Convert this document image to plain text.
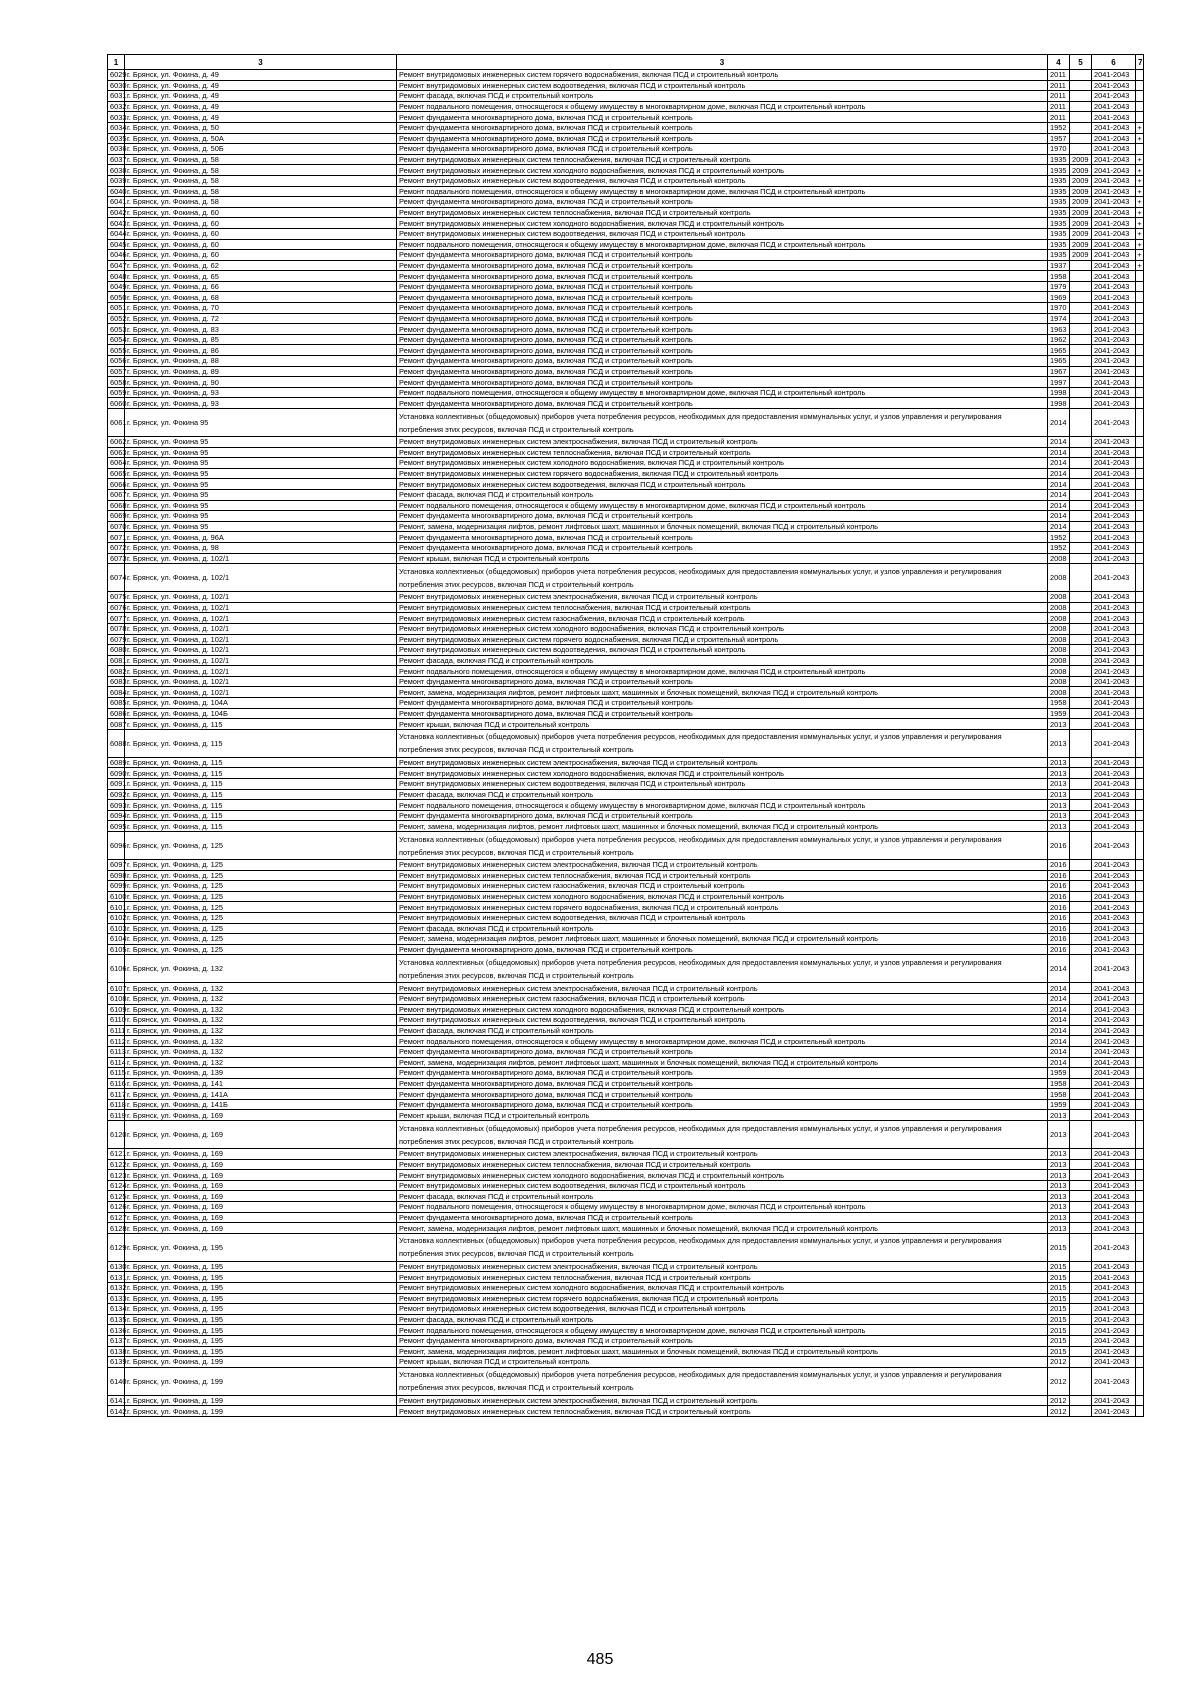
1	3	3	4	5	6	7
6029	г. Брянск, ул. Фокина, д. 49	Ремонт внутридомовых инженерных систем горячего водоснабжения, включая ПСД и строительный контроль	2011		2041-2043	
6030	г. Брянск, ул. Фокина, д. 49	Ремонт внутридомовых инженерных систем водоотведения, включая ПСД и строительный контроль	2011		2041-2043	
6031	г. Брянск, ул. Фокина, д. 49	Ремонт фасада, включая ПСД и строительный контроль	2011		2041-2043	
6032	г. Брянск, ул. Фокина, д. 49	Ремонт подвального помещения, относящегося к общему имуществу в многоквартирном доме, включая ПСД и строительный контроль	2011		2041-2043	
6033	г. Брянск, ул. Фокина, д. 49	Ремонт фундамента многоквартирного дома, включая ПСД и строительный контроль	2011		2041-2043	
6034	г. Брянск, ул. Фокина, д. 50	Ремонт фундамента многоквартирного дома, включая ПСД и строительный контроль	1952		2041-2043	+
6035	г. Брянск, ул. Фокина, д. 50А	Ремонт фундамента многоквартирного дома, включая ПСД и строительный контроль	1957		2041-2043	+
6036	г. Брянск, ул. Фокина, д. 50Б	Ремонт фундамента многоквартирного дома, включая ПСД и строительный контроль	1970		2041-2043	
6037	г. Брянск, ул. Фокина, д. 58	Ремонт внутридомовых инженерных систем теплоснабжения, включая ПСД и строительный контроль	1935	2009	2041-2043	+
6038	г. Брянск, ул. Фокина, д. 58	Ремонт внутридомовых инженерных систем холодного водоснабжения, включая ПСД и строительный контроль	1935	2009	2041-2043	+
6039	г. Брянск, ул. Фокина, д. 58	Ремонт внутридомовых инженерных систем водоотведения, включая ПСД и строительный контроль	1935	2009	2041-2043	+
6040	г. Брянск, ул. Фокина, д. 58	Ремонт подвального помещения, относящегося к общему имуществу в многоквартирном доме, включая ПСД и строительный контроль	1935	2009	2041-2043	+
6041	г. Брянск, ул. Фокина, д. 58	Ремонт фундамента многоквартирного дома, включая ПСД и строительный контроль	1935	2009	2041-2043	+
6042	г. Брянск, ул. Фокина, д. 60	Ремонт внутридомовых инженерных систем теплоснабжения, включая ПСД и строительный контроль	1935	2009	2041-2043	+
6043	г. Брянск, ул. Фокина, д. 60	Ремонт внутридомовых инженерных систем холодного водоснабжения, включая ПСД и строительный контроль	1935	2009	2041-2043	+
6044	г. Брянск, ул. Фокина, д. 60	Ремонт внутридомовых инженерных систем водоотведения, включая ПСД и строительный контроль	1935	2009	2041-2043	+
6045	г. Брянск, ул. Фокина, д. 60	Ремонт подвального помещения, относящегося к общему имуществу в многоквартирном доме, включая ПСД и строительный контроль	1935	2009	2041-2043	+
6046	г. Брянск, ул. Фокина, д. 60	Ремонт фундамента многоквартирного дома, включая ПСД и строительный контроль	1935	2009	2041-2043	+
6047	г. Брянск, ул. Фокина, д. 62	Ремонт фундамента многоквартирного дома, включая ПСД и строительный контроль	1937		2041-2043	+
6048	г. Брянск, ул. Фокина, д. 65	Ремонт фундамента многоквартирного дома, включая ПСД и строительный контроль	1958		2041-2043	
6049	г. Брянск, ул. Фокина, д. 66	Ремонт фундамента многоквартирного дома, включая ПСД и строительный контроль	1979		2041-2043	
6050	г. Брянск, ул. Фокина, д. 68	Ремонт фундамента многоквартирного дома, включая ПСД и строительный контроль	1969		2041-2043	
6051	г. Брянск, ул. Фокина, д. 70	Ремонт фундамента многоквартирного дома, включая ПСД и строительный контроль	1970		2041-2043	
6052	г. Брянск, ул. Фокина, д. 72	Ремонт фундамента многоквартирного дома, включая ПСД и строительный контроль	1974		2041-2043	
6053	г. Брянск, ул. Фокина, д. 83	Ремонт фундамента многоквартирного дома, включая ПСД и строительный контроль	1963		2041-2043	
6054	г. Брянск, ул. Фокина, д. 85	Ремонт фундамента многоквартирного дома, включая ПСД и строительный контроль	1962		2041-2043	
6055	г. Брянск, ул. Фокина, д. 86	Ремонт фундамента многоквартирного дома, включая ПСД и строительный контроль	1965		2041-2043	
6056	г. Брянск, ул. Фокина, д. 88	Ремонт фундамента многоквартирного дома, включая ПСД и строительный контроль	1965		2041-2043	
6057	г. Брянск, ул. Фокина, д. 89	Ремонт фундамента многоквартирного дома, включая ПСД и строительный контроль	1967		2041-2043	
6058	г. Брянск, ул. Фокина, д. 90	Ремонт фундамента многоквартирного дома, включая ПСД и строительный контроль	1997		2041-2043	
6059	г. Брянск, ул. Фокина, д. 93	Ремонт подвального помещения, относящегося к общему имуществу в многоквартирном доме, включая ПСД и строительный контроль	1998		2041-2043	
6060	г. Брянск, ул. Фокина, д. 93	Ремонт фундамента многоквартирного дома, включая ПСД и строительный контроль	1998		2041-2043	
6061	г. Брянск, ул. Фокина 95	Установка коллективных (общедомовых) приборов учета потребления ресурсов, необходимых для предоставления коммунальных услуг, и узлов управления и регулирования потребления этих ресурсов, включая ПСД и строительный контроль	2014		2041-2043	
6062	г. Брянск, ул. Фокина 95	Ремонт внутридомовых инженерных систем электроснабжения, включая ПСД и строительный контроль	2014		2041-2043	
6063	г. Брянск, ул. Фокина 95	Ремонт внутридомовых инженерных систем теплоснабжения, включая ПСД и строительный контроль	2014		2041-2043	
6064	г. Брянск, ул. Фокина 95	Ремонт внутридомовых инженерных систем холодного водоснабжения, включая ПСД и строительный контроль	2014		2041-2043	
6065	г. Брянск, ул. Фокина 95	Ремонт внутридомовых инженерных систем горячего водоснабжения, включая ПСД и строительный контроль	2014		2041-2043	
6066	г. Брянск, ул. Фокина 95	Ремонт внутридомовых инженерных систем водоотведения, включая ПСД и строительный контроль	2014		2041-2043	
6067	г. Брянск, ул. Фокина 95	Ремонт фасада, включая ПСД и строительный контроль	2014		2041-2043	
6068	г. Брянск, ул. Фокина 95	Ремонт подвального помещения, относящегося к общему имуществу в многоквартирном доме, включая ПСД и строительный контроль	2014		2041-2043	
6069	г. Брянск, ул. Фокина 95	Ремонт фундамента многоквартирного дома, включая ПСД и строительный контроль	2014		2041-2043	
6070	г. Брянск, ул. Фокина 95	Ремонт, замена, модернизация лифтов, ремонт лифтовых шахт, машинных и блочных помещений, включая ПСД и строительный контроль	2014		2041-2043	
6071	г. Брянск, ул. Фокина, д. 96А	Ремонт фундамента многоквартирного дома, включая ПСД и строительный контроль	1952		2041-2043	
6072	г. Брянск, ул. Фокина, д. 98	Ремонт фундамента многоквартирного дома, включая ПСД и строительный контроль	1952		2041-2043	
6073	г. Брянск, ул. Фокина, д. 102/1	Ремонт крыши, включая ПСД и строительный контроль	2008		2041-2043	
6074	г. Брянск, ул. Фокина, д. 102/1	Установка коллективных (общедомовых) приборов учета потребления ресурсов, необходимых для предоставления коммунальных услуг, и узлов управления и регулирования потребления этих ресурсов, включая ПСД и строительный контроль	2008		2041-2043	
6075	г. Брянск, ул. Фокина, д. 102/1	Ремонт внутридомовых инженерных систем электроснабжения, включая ПСД и строительный контроль	2008		2041-2043	
6076	г. Брянск, ул. Фокина, д. 102/1	Ремонт внутридомовых инженерных систем теплоснабжения, включая ПСД и строительный контроль	2008		2041-2043	
6077	г. Брянск, ул. Фокина, д. 102/1	Ремонт внутридомовых инженерных систем газоснабжения, включая ПСД и строительный контроль	2008		2041-2043	
6078	г. Брянск, ул. Фокина, д. 102/1	Ремонт внутридомовых инженерных систем холодного водоснабжения, включая ПСД и строительный контроль	2008		2041-2043	
6079	г. Брянск, ул. Фокина, д. 102/1	Ремонт внутридомовых инженерных систем горячего водоснабжения, включая ПСД и строительный контроль	2008		2041-2043	
6080	г. Брянск, ул. Фокина, д. 102/1	Ремонт внутридомовых инженерных систем водоотведения, включая ПСД и строительный контроль	2008		2041-2043	
6081	г. Брянск, ул. Фокина, д. 102/1	Ремонт фасада, включая ПСД и строительный контроль	2008		2041-2043	
6082	г. Брянск, ул. Фокина, д. 102/1	Ремонт подвального помещения, относящегося к общему имуществу в многоквартирном доме, включая ПСД и строительный контроль	2008		2041-2043	
6083	г. Брянск, ул. Фокина, д. 102/1	Ремонт фундамента многоквартирного дома, включая ПСД и строительный контроль	2008		2041-2043	
6084	г. Брянск, ул. Фокина, д. 102/1	Ремонт, замена, модернизация лифтов, ремонт лифтовых шахт, машинных и блочных помещений, включая ПСД и строительный контроль	2008		2041-2043	
6085	г. Брянск, ул. Фокина, д. 104А	Ремонт фундамента многоквартирного дома, включая ПСД и строительный контроль	1958		2041-2043	
6086	г. Брянск, ул. Фокина, д. 104Б	Ремонт фундамента многоквартирного дома, включая ПСД и строительный контроль	1959		2041-2043	
6087	г. Брянск, ул. Фокина, д. 115	Ремонт крыши, включая ПСД и строительный контроль	2013		2041-2043	
6088	г. Брянск, ул. Фокина, д. 115	Установка коллективных (общедомовых) приборов учета потребления ресурсов, необходимых для предоставления коммунальных услуг, и узлов управления и регулирования потребления этих ресурсов, включая ПСД и строительный контроль	2013		2041-2043	
6089	г. Брянск, ул. Фокина, д. 115	Ремонт внутридомовых инженерных систем электроснабжения, включая ПСД и строительный контроль	2013		2041-2043	
6090	г. Брянск, ул. Фокина, д. 115	Ремонт внутридомовых инженерных систем холодного водоснабжения, включая ПСД и строительный контроль	2013		2041-2043	
6091	г. Брянск, ул. Фокина, д. 115	Ремонт внутридомовых инженерных систем водоотведения, включая ПСД и строительный контроль	2013		2041-2043	
6092	г. Брянск, ул. Фокина, д. 115	Ремонт фасада, включая ПСД и строительный контроль	2013		2041-2043	
6093	г. Брянск, ул. Фокина, д. 115	Ремонт подвального помещения, относящегося к общему имуществу в многоквартирном доме, включая ПСД и строительный контроль	2013		2041-2043	
6094	г. Брянск, ул. Фокина, д. 115	Ремонт фундамента многоквартирного дома, включая ПСД и строительный контроль	2013		2041-2043	
6095	г. Брянск, ул. Фокина, д. 115	Ремонт, замена, модернизация лифтов, ремонт лифтовых шахт, машинных и блочных помещений, включая ПСД и строительный контроль	2013		2041-2043	
6096	г. Брянск, ул. Фокина, д. 125	Установка коллективных (общедомовых) приборов учета потребления ресурсов, необходимых для предоставления коммунальных услуг, и узлов управления и регулирования потребления этих ресурсов, включая ПСД и строительный контроль	2016		2041-2043	
6097	г. Брянск, ул. Фокина, д. 125	Ремонт внутридомовых инженерных систем электроснабжения, включая ПСД и строительный контроль	2016		2041-2043	
6098	г. Брянск, ул. Фокина, д. 125	Ремонт внутридомовых инженерных систем теплоснабжения, включая ПСД и строительный контроль	2016		2041-2043	
6099	г. Брянск, ул. Фокина, д. 125	Ремонт внутридомовых инженерных систем газоснабжения, включая ПСД и строительный контроль	2016		2041-2043	
6100	г. Брянск, ул. Фокина, д. 125	Ремонт внутридомовых инженерных систем холодного водоснабжения, включая ПСД и строительный контроль	2016		2041-2043	
6101	г. Брянск, ул. Фокина, д. 125	Ремонт внутридомовых инженерных систем горячего водоснабжения, включая ПСД и строительный контроль	2016		2041-2043	
6102	г. Брянск, ул. Фокина, д. 125	Ремонт внутридомовых инженерных систем водоотведения, включая ПСД и строительный контроль	2016		2041-2043	
6103	г. Брянск, ул. Фокина, д. 125	Ремонт фасада, включая ПСД и строительный контроль	2016		2041-2043	
6104	г. Брянск, ул. Фокина, д. 125	Ремонт, замена, модернизация лифтов, ремонт лифтовых шахт, машинных и блочных помещений, включая ПСД и строительный контроль	2016		2041-2043	
6105	г. Брянск, ул. Фокина, д. 125	Ремонт фундамента многоквартирного дома, включая ПСД и строительный контроль	2016		2041-2043	
6106	г. Брянск, ул. Фокина, д. 132	Установка коллективных (общедомовых) приборов учета потребления ресурсов, необходимых для предоставления коммунальных услуг, и узлов управления и регулирования потребления этих ресурсов, включая ПСД и строительный контроль	2014		2041-2043	
6107	г. Брянск, ул. Фокина, д. 132	Ремонт внутридомовых инженерных систем электроснабжения, включая ПСД и строительный контроль	2014		2041-2043	
6108	г. Брянск, ул. Фокина, д. 132	Ремонт внутридомовых инженерных систем газоснабжения, включая ПСД и строительный контроль	2014		2041-2043	
6109	г. Брянск, ул. Фокина, д. 132	Ремонт внутридомовых инженерных систем холодного водоснабжения, включая ПСД и строительный контроль	2014		2041-2043	
6110	г. Брянск, ул. Фокина, д. 132	Ремонт внутридомовых инженерных систем водоотведения, включая ПСД и строительный контроль	2014		2041-2043	
6111	г. Брянск, ул. Фокина, д. 132	Ремонт фасада, включая ПСД и строительный контроль	2014		2041-2043	
6112	г. Брянск, ул. Фокина, д. 132	Ремонт подвального помещения, относящегося к общему имуществу в многоквартирном доме, включая ПСД и строительный контроль	2014		2041-2043	
6113	г. Брянск, ул. Фокина, д. 132	Ремонт фундамента многоквартирного дома, включая ПСД и строительный контроль	2014		2041-2043	
6114	г. Брянск, ул. Фокина, д. 132	Ремонт, замена, модернизация лифтов, ремонт лифтовых шахт, машинных и блочных помещений, включая ПСД и строительный контроль	2014		2041-2043	
6115	г. Брянск, ул. Фокина, д. 139	Ремонт фундамента многоквартирного дома, включая ПСД и строительный контроль	1959		2041-2043	
6116	г. Брянск, ул. Фокина, д. 141	Ремонт фундамента многоквартирного дома, включая ПСД и строительный контроль	1958		2041-2043	
6117	г. Брянск, ул. Фокина, д. 141А	Ремонт фундамента многоквартирного дома, включая ПСД и строительный контроль	1958		2041-2043	
6118	г. Брянск, ул. Фокина, д. 141Б	Ремонт фундамента многоквартирного дома, включая ПСД и строительный контроль	1959		2041-2043	
6119	г. Брянск, ул. Фокина, д. 169	Ремонт крыши, включая ПСД и строительный контроль	2013		2041-2043	
6120	г. Брянск, ул. Фокина, д. 169	Установка коллективных (общедомовых) приборов учета потребления ресурсов, необходимых для предоставления коммунальных услуг, и узлов управления и регулирования потребления этих ресурсов, включая ПСД и строительный контроль	2013		2041-2043	
6121	г. Брянск, ул. Фокина, д. 169	Ремонт внутридомовых инженерных систем электроснабжения, включая ПСД и строительный контроль	2013		2041-2043	
6122	г. Брянск, ул. Фокина, д. 169	Ремонт внутридомовых инженерных систем теплоснабжения, включая ПСД и строительный контроль	2013		2041-2043	
6123	г. Брянск, ул. Фокина, д. 169	Ремонт внутридомовых инженерных систем холодного водоснабжения, включая ПСД и строительный контроль	2013		2041-2043	
6124	г. Брянск, ул. Фокина, д. 169	Ремонт внутридомовых инженерных систем водоотведения, включая ПСД и строительный контроль	2013		2041-2043	
6125	г. Брянск, ул. Фокина, д. 169	Ремонт фасада, включая ПСД и строительный контроль	2013		2041-2043	
6126	г. Брянск, ул. Фокина, д. 169	Ремонт подвального помещения, относящегося к общему имуществу в многоквартирном доме, включая ПСД и строительный контроль	2013		2041-2043	
6127	г. Брянск, ул. Фокина, д. 169	Ремонт фундамента многоквартирного дома, включая ПСД и строительный контроль	2013		2041-2043	
6128	г. Брянск, ул. Фокина, д. 169	Ремонт, замена, модернизация лифтов, ремонт лифтовых шахт, машинных и блочных помещений, включая ПСД и строительный контроль	2013		2041-2043	
6129	г. Брянск, ул. Фокина, д. 195	Установка коллективных (общедомовых) приборов учета потребления ресурсов, необходимых для предоставления коммунальных услуг, и узлов управления и регулирования потребления этих ресурсов, включая ПСД и строительный контроль	2015		2041-2043	
6130	г. Брянск, ул. Фокина, д. 195	Ремонт внутридомовых инженерных систем электроснабжения, включая ПСД и строительный контроль	2015		2041-2043	
6131	г. Брянск, ул. Фокина, д. 195	Ремонт внутридомовых инженерных систем теплоснабжения, включая ПСД и строительный контроль	2015		2041-2043	
6132	г. Брянск, ул. Фокина, д. 195	Ремонт внутридомовых инженерных систем холодного водоснабжения, включая ПСД и строительный контроль	2015		2041-2043	
6133	г. Брянск, ул. Фокина, д. 195	Ремонт внутридомовых инженерных систем горячего водоснабжения, включая ПСД и строительный контроль	2015		2041-2043	
6134	г. Брянск, ул. Фокина, д. 195	Ремонт внутридомовых инженерных систем водоотведения, включая ПСД и строительный контроль	2015		2041-2043	
6135	г. Брянск, ул. Фокина, д. 195	Ремонт фасада, включая ПСД и строительный контроль	2015		2041-2043	
6136	г. Брянск, ул. Фокина, д. 195	Ремонт подвального помещения, относящегося к общему имуществу в многоквартирном доме, включая ПСД и строительный контроль	2015		2041-2043	
6137	г. Брянск, ул. Фокина, д. 195	Ремонт фундамента многоквартирного дома, включая ПСД и строительный контроль	2015		2041-2043	
6138	г. Брянск, ул. Фокина, д. 195	Ремонт, замена, модернизация лифтов, ремонт лифтовых шахт, машинных и блочных помещений, включая ПСД и строительный контроль	2015		2041-2043	
6139	г. Брянск, ул. Фокина, д. 199	Ремонт крыши, включая ПСД и строительный контроль	2012		2041-2043	
6140	г. Брянск, ул. Фокина, д. 199	Установка коллективных (общедомовых) приборов учета потребления ресурсов, необходимых для предоставления коммунальных услуг, и узлов управления и регулирования потребления этих ресурсов, включая ПСД и строительный контроль	2012		2041-2043	
6141	г. Брянск, ул. Фокина, д. 199	Ремонт внутридомовых инженерных систем электроснабжения, включая ПСД и строительный контроль	2012		2041-2043	
6142	г. Брянск, ул. Фокина, д. 199	Ремонт внутридомовых инженерных систем теплоснабжения, включая ПСД и строительный контроль	2012		2041-2043	
485
